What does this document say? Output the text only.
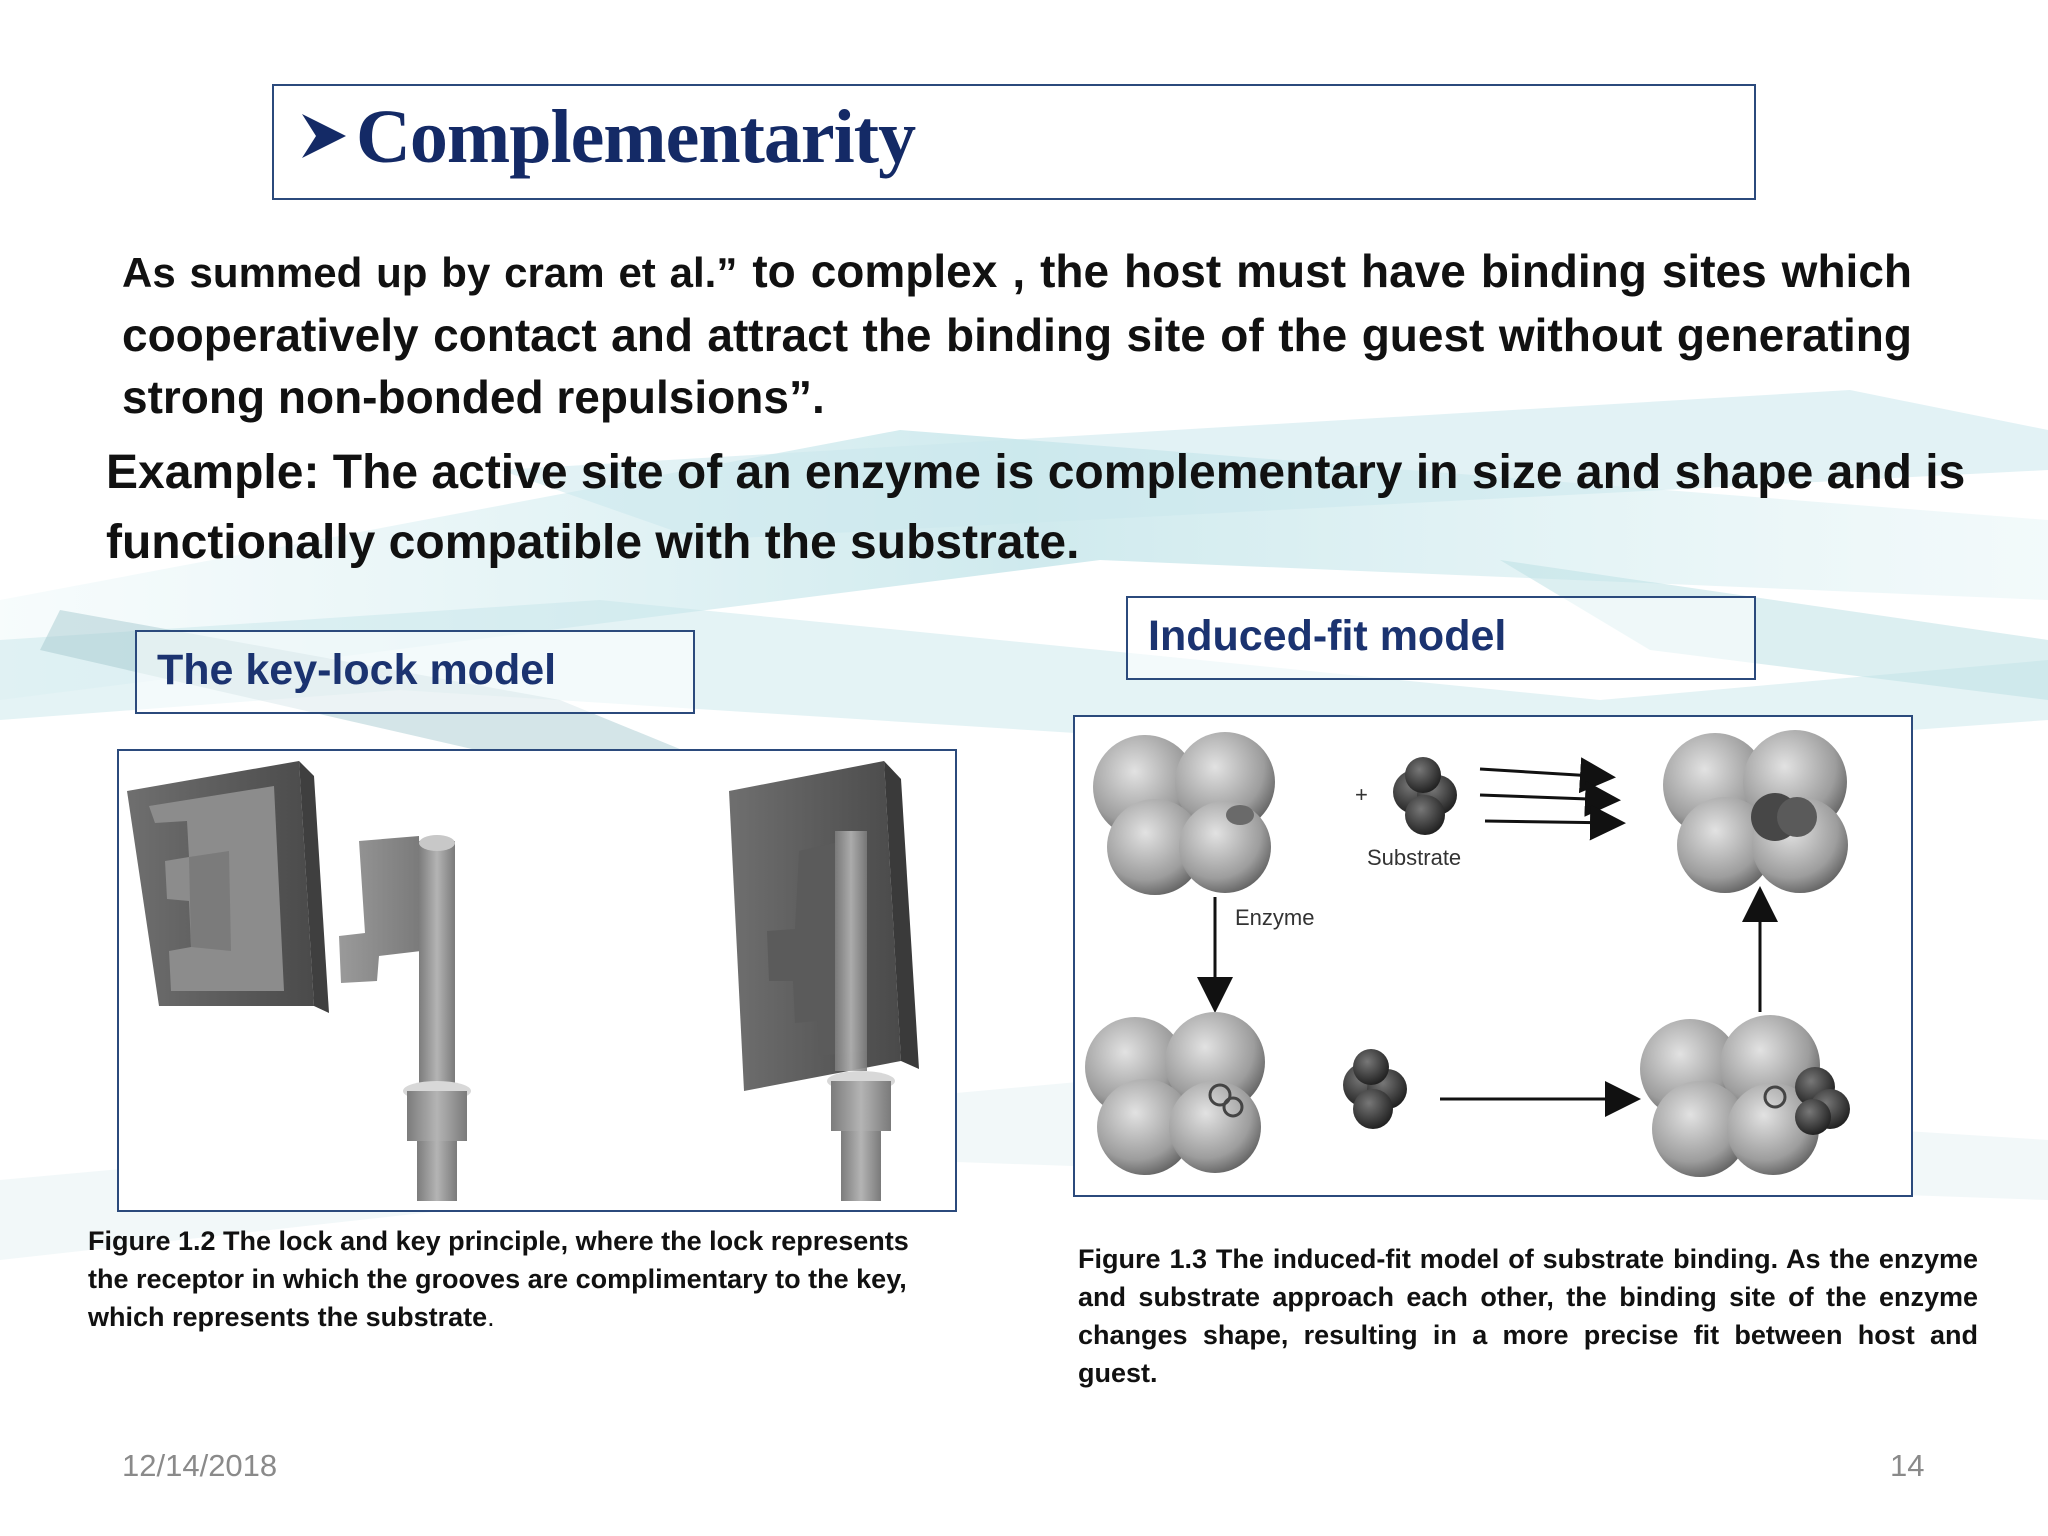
Complementarity
As summed up by cram et al.” to complex , the host must have binding sites which cooperatively contact and attract the binding site of the guest without generating strong non-bonded repulsions”.
Example: The active site of an enzyme is complementary in size and shape and is functionally compatible with the substrate.
The key-lock model
Induced-fit model
+
Substrate
Enzyme
Figure 1.2 The lock and key principle, where the lock represents the receptor in which the grooves are complimentary to the key, which represents the substrate.
Figure 1.3 The induced-fit model of substrate binding. As the enzyme and substrate approach each other, the binding site of the enzyme changes shape, resulting in a more precise fit between host and guest.
12/14/2018	14
